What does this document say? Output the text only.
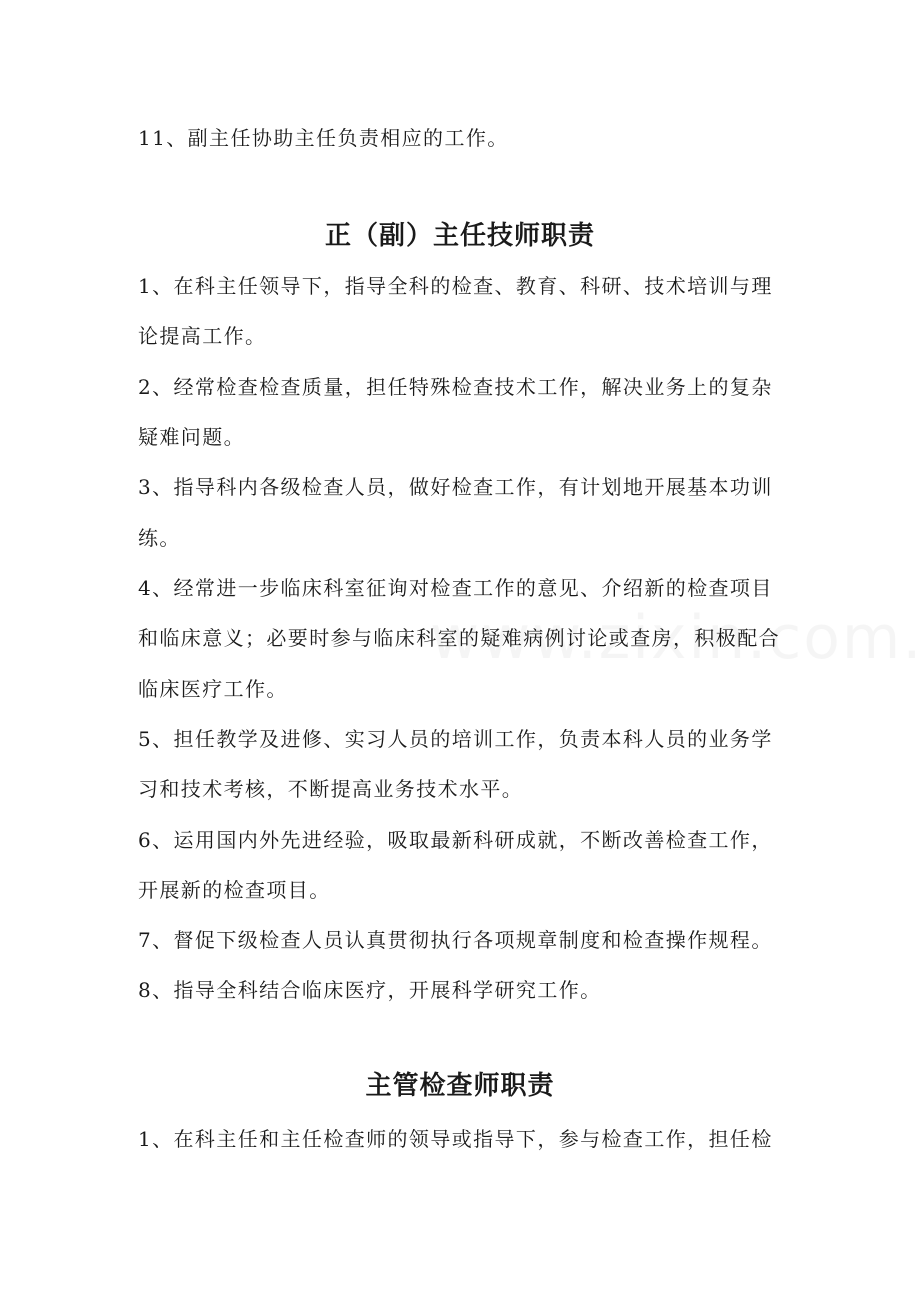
11、副主任协助主任负责相应的工作。
正（副）主任技师职责
1、在科主任领导下，指导全科的检查、教育、科研、技术培训与理
论提高工作。
2、经常检查检查质量，担任特殊检查技术工作，解决业务上的复杂
疑难问题。
3、指导科内各级检查人员，做好检查工作，有计划地开展基本功训
练。
4、经常进一步临床科室征询对检查工作的意见、介绍新的检查项目
和临床意义；必要时参与临床科室的疑难病例讨论或查房，积极配合
临床医疗工作。
5、担任教学及进修、实习人员的培训工作，负责本科人员的业务学
习和技术考核，不断提高业务技术水平。
6、运用国内外先进经验，吸取最新科研成就，不断改善检查工作，
开展新的检查项目。
7、督促下级检查人员认真贯彻执行各项规章制度和检查操作规程。
8、指导全科结合临床医疗，开展科学研究工作。
主管检查师职责
1、在科主任和主任检查师的领导或指导下，参与检查工作，担任检
